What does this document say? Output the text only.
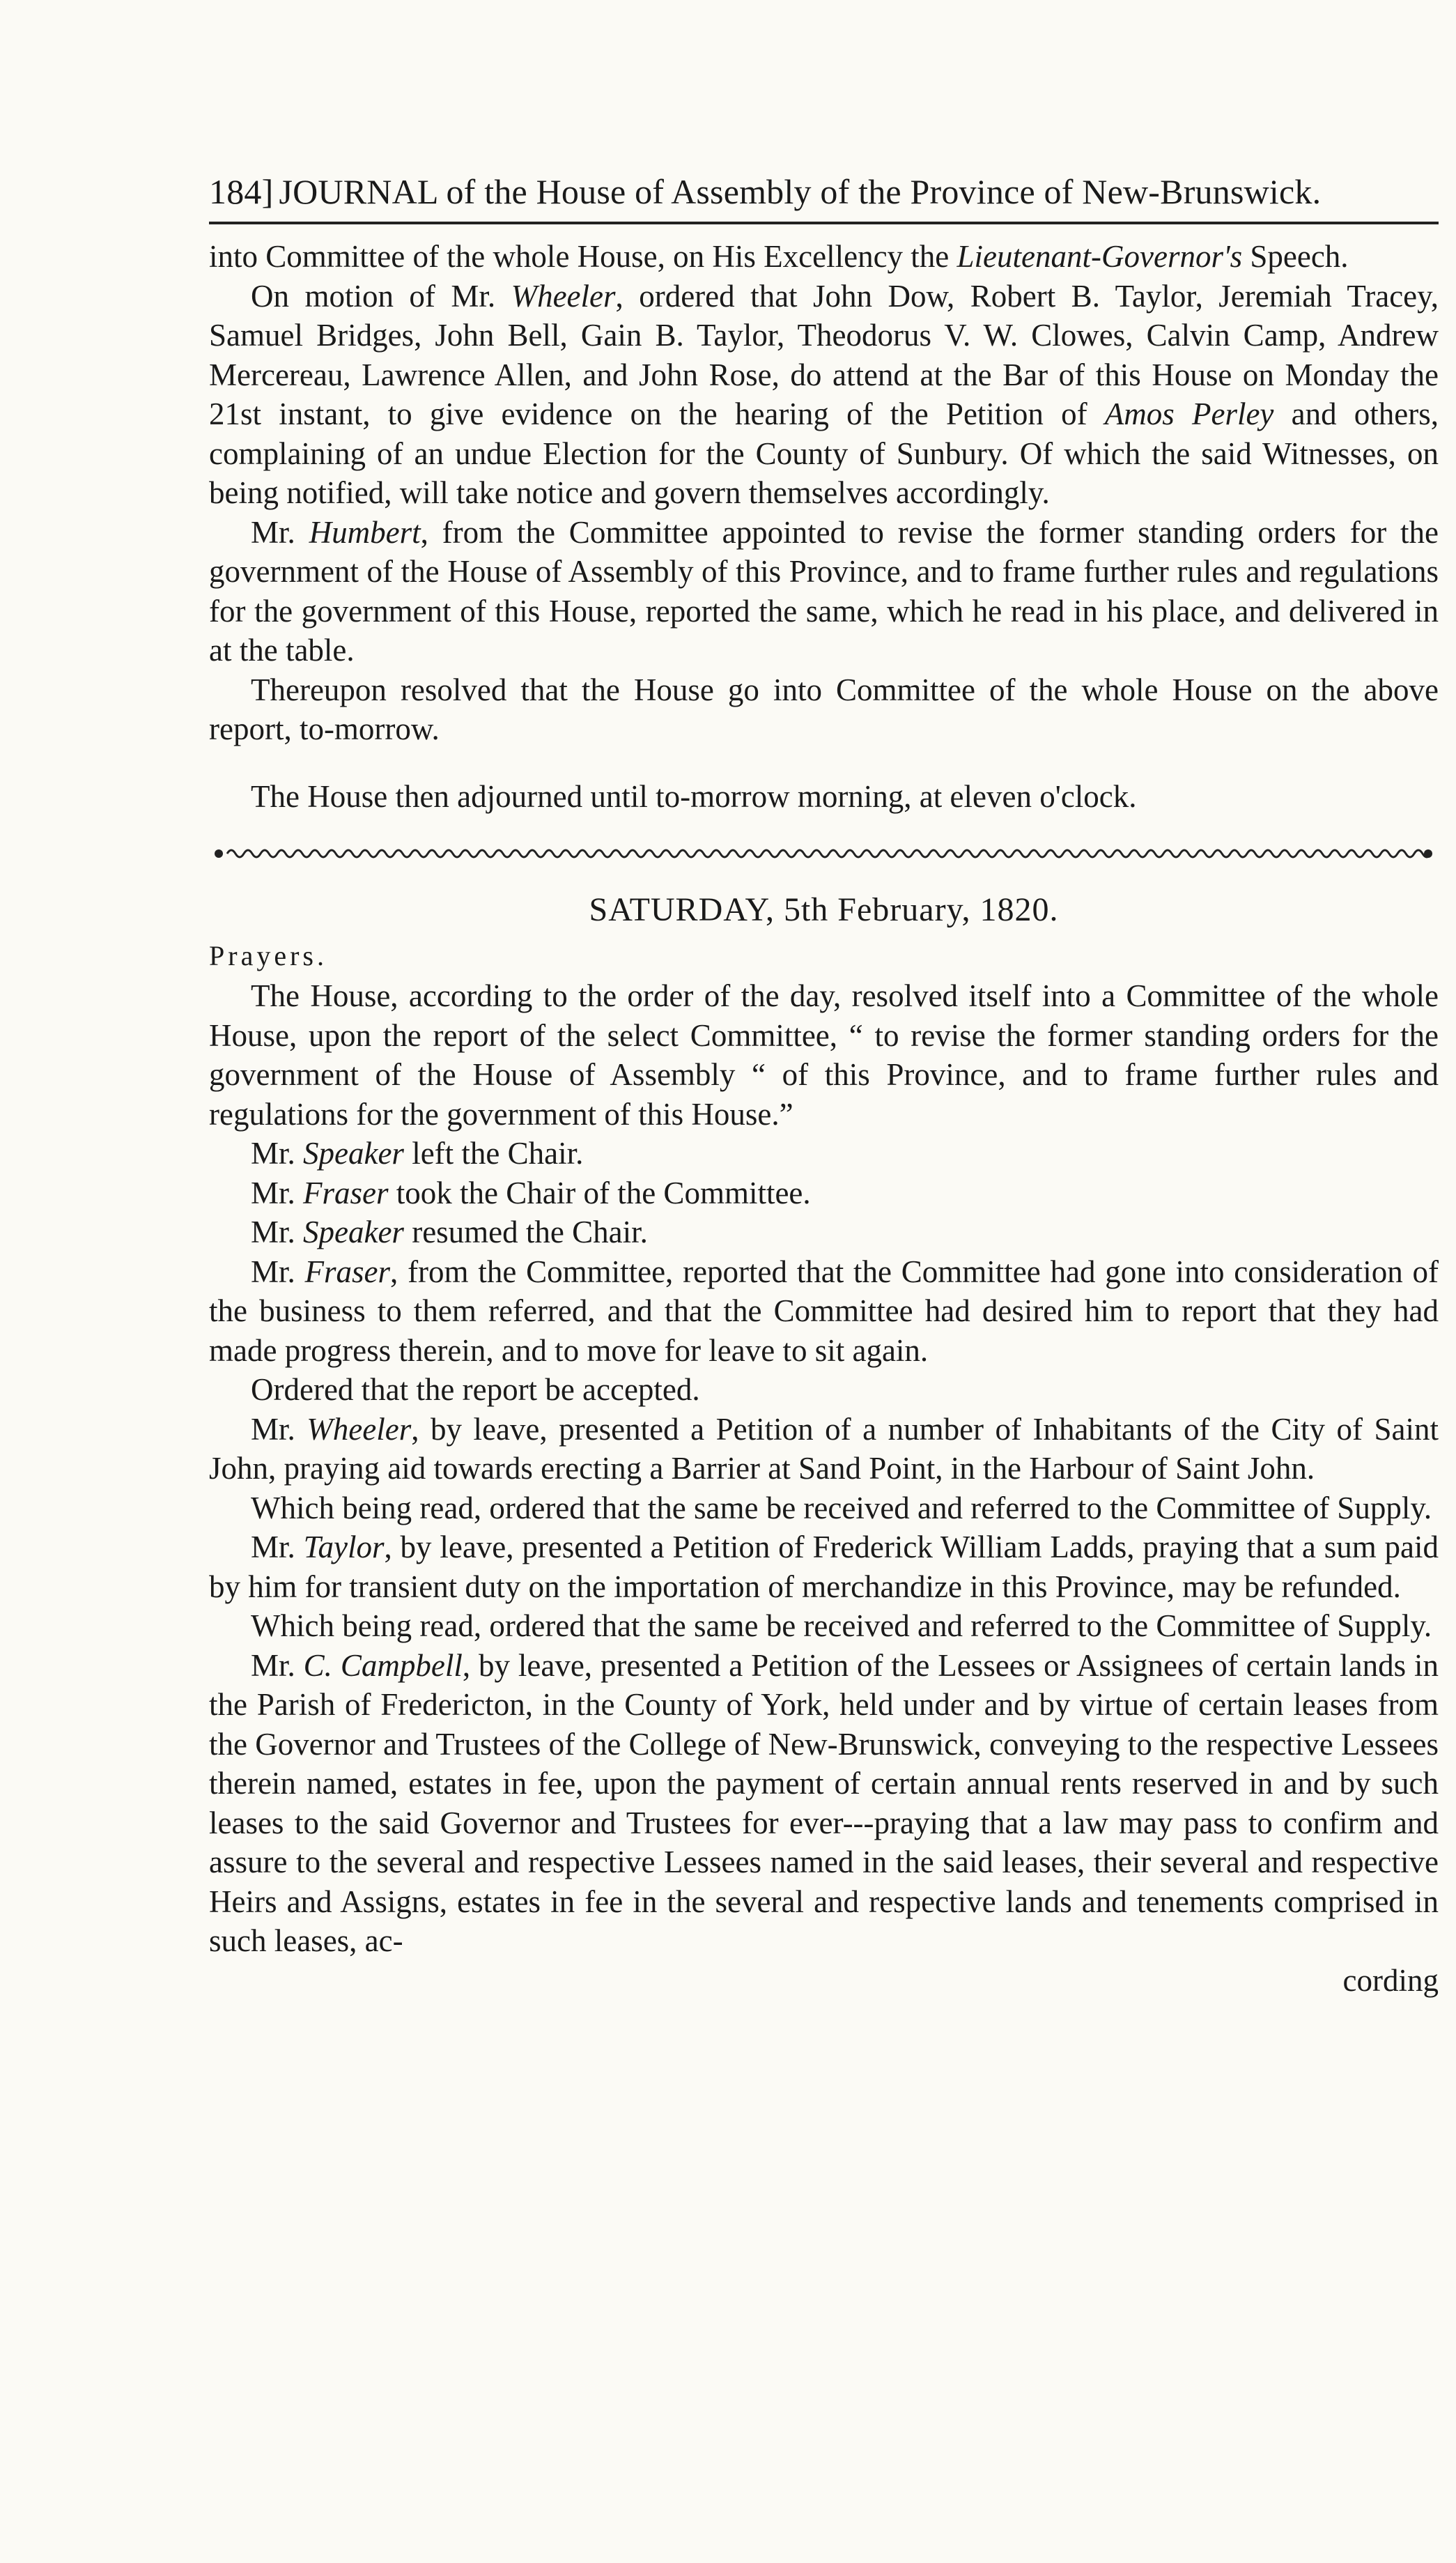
184] JOURNAL of the House of Assembly of the Province of New-Brunswick.

into Committee of the whole House, on His Excellency the Lieutenant-Governor's Speech.

On motion of Mr. Wheeler, ordered that John Dow, Robert B. Taylor, Jeremiah Tracey, Samuel Bridges, John Bell, Gain B. Taylor, Theodorus V. W. Clowes, Calvin Camp, Andrew Mercereau, Lawrence Allen, and John Rose, do attend at the Bar of this House on Monday the 21st instant, to give evidence on the hearing of the Petition of Amos Perley and others, complaining of an undue Election for the County of Sunbury. Of which the said Witnesses, on being notified, will take notice and govern themselves accordingly.

Mr. Humbert, from the Committee appointed to revise the former standing orders for the government of the House of Assembly of this Province, and to frame further rules and regulations for the government of this House, reported the same, which he read in his place, and delivered in at the table.

Thereupon resolved that the House go into Committee of the whole House on the above report, to-morrow.

The House then adjourned until to-morrow morning, at eleven o'clock.

SATURDAY, 5th February, 1820.

Prayers.

The House, according to the order of the day, resolved itself into a Committee of the whole House, upon the report of the select Committee, “ to revise the former standing orders for the government of the House of Assembly “ of this Province, and to frame further rules and regulations for the government of this House.”

Mr. Speaker left the Chair.

Mr. Fraser took the Chair of the Committee.

Mr. Speaker resumed the Chair.

Mr. Fraser, from the Committee, reported that the Committee had gone into consideration of the business to them referred, and that the Committee had desired him to report that they had made progress therein, and to move for leave to sit again.

Ordered that the report be accepted.

Mr. Wheeler, by leave, presented a Petition of a number of Inhabitants of the City of Saint John, praying aid towards erecting a Barrier at Sand Point, in the Harbour of Saint John.

Which being read, ordered that the same be received and referred to the Committee of Supply.

Mr. Taylor, by leave, presented a Petition of Frederick William Ladds, praying that a sum paid by him for transient duty on the importation of merchandize in this Province, may be refunded.

Which being read, ordered that the same be received and referred to the Committee of Supply.

Mr. C. Campbell, by leave, presented a Petition of the Lessees or Assignees of certain lands in the Parish of Fredericton, in the County of York, held under and by virtue of certain leases from the Governor and Trustees of the College of New-Brunswick, conveying to the respective Lessees therein named, estates in fee, upon the payment of certain annual rents reserved in and by such leases to the said Governor and Trustees for ever---praying that a law may pass to confirm and assure to the several and respective Lessees named in the said leases, their several and respective Heirs and Assigns, estates in fee in the several and respective lands and tenements comprised in such leases, ac-

cording
